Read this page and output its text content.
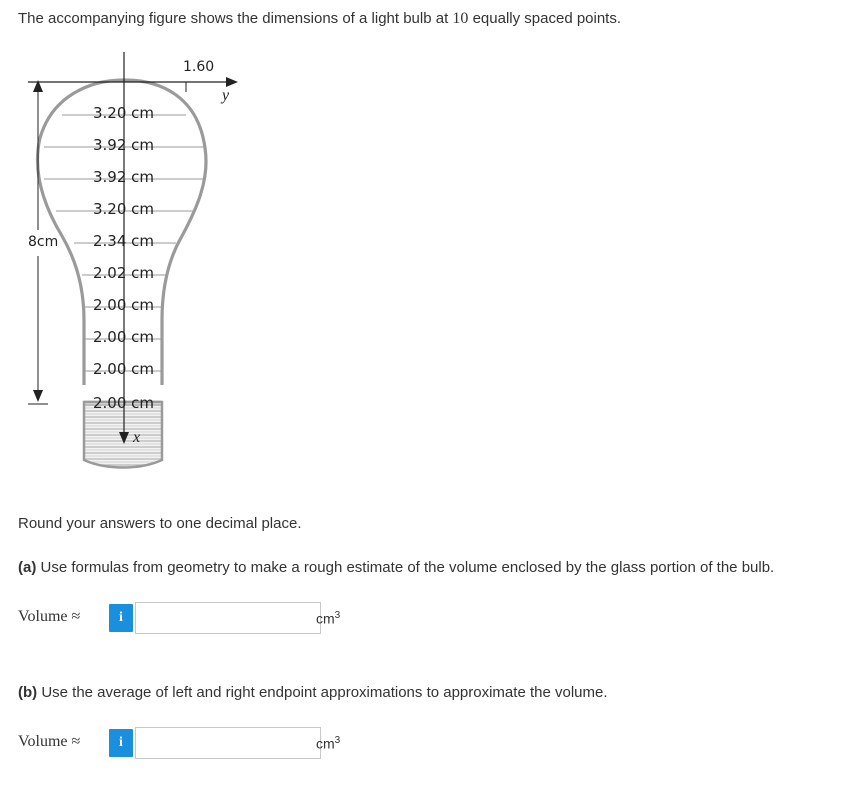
The accompanying figure shows the dimensions of a light bulb at 10 equally spaced points.
1.60
y
x
8cm
3.20 cm
3.92 cm
3.92 cm
3.20 cm
2.34 cm
2.02 cm
2.00 cm
2.00 cm
2.00 cm
2.00 cm
Round your answers to one decimal place.
(a) Use formulas from geometry to make a rough estimate of the volume enclosed by the glass portion of the bulb.
Volume ≈	i	$cm^3$
(b) Use the average of left and right endpoint approximations to approximate the volume.
Volume ≈	i	$cm^3$
